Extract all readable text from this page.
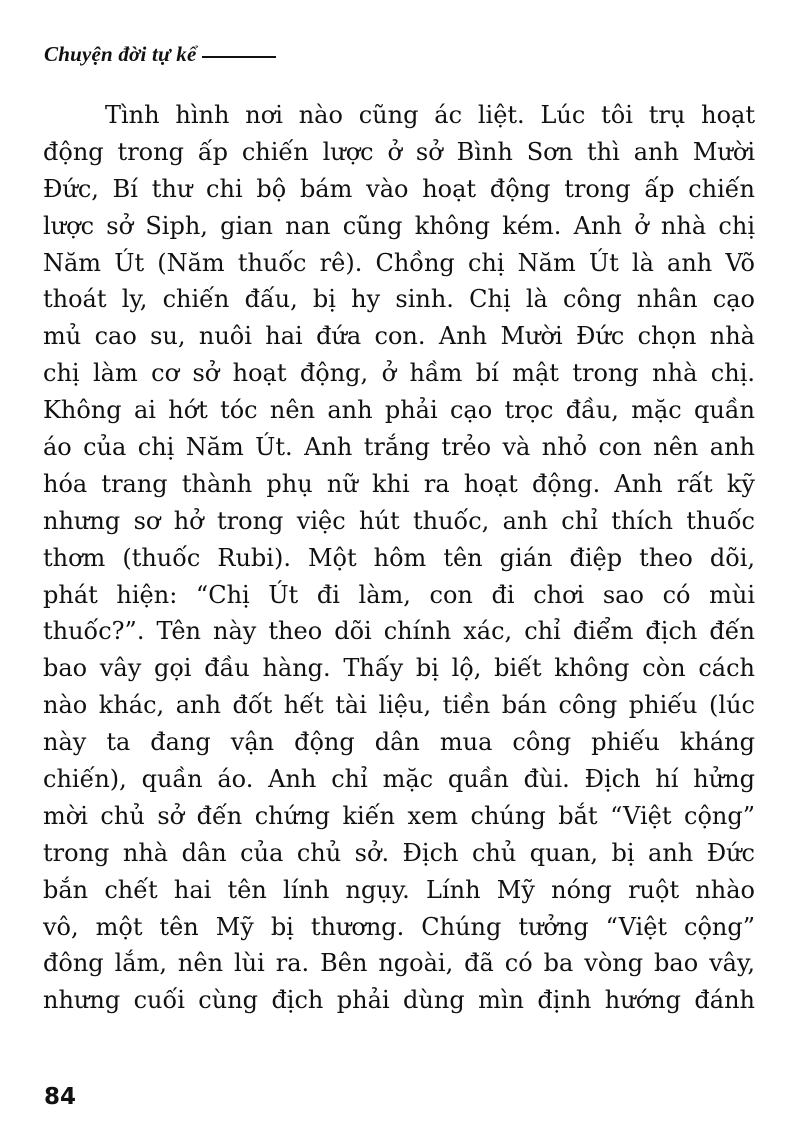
Chuyện đời tự kể
Tình hình nơi nào cũng ác liệt. Lúc tôi trụ hoạt
động trong ấp chiến lược ở sở Bình Sơn thì anh Mười
Đức, Bí thư chi bộ bám vào hoạt động trong ấp chiến
lược sở Siph, gian nan cũng không kém. Anh ở nhà chị
Năm Út (Năm thuốc rê). Chồng chị Năm Út là anh Võ
thoát ly, chiến đấu, bị hy sinh. Chị là công nhân cạo
mủ cao su, nuôi hai đứa con. Anh Mười Đức chọn nhà
chị làm cơ sở hoạt động, ở hầm bí mật trong nhà chị.
Không ai hớt tóc nên anh phải cạo trọc đầu, mặc quần
áo của chị Năm Út. Anh trắng trẻo và nhỏ con nên anh
hóa trang thành phụ nữ khi ra hoạt động. Anh rất kỹ
nhưng sơ hở trong việc hút thuốc, anh chỉ thích thuốc
thơm (thuốc Rubi). Một hôm tên gián điệp theo dõi,
phát hiện: “Chị Út đi làm, con đi chơi sao có mùi
thuốc?”. Tên này theo dõi chính xác, chỉ điểm địch đến
bao vây gọi đầu hàng. Thấy bị lộ, biết không còn cách
nào khác, anh đốt hết tài liệu, tiền bán công phiếu (lúc
này ta đang vận động dân mua công phiếu kháng
chiến), quần áo. Anh chỉ mặc quần đùi. Địch hí hửng
mời chủ sở đến chứng kiến xem chúng bắt “Việt cộng”
trong nhà dân của chủ sở. Địch chủ quan, bị anh Đức
bắn chết hai tên lính ngụy. Lính Mỹ nóng ruột nhào
vô, một tên Mỹ bị thương. Chúng tưởng “Việt cộng”
đông lắm, nên lùi ra. Bên ngoài, đã có ba vòng bao vây,
nhưng cuối cùng địch phải dùng mìn định hướng đánh
84
